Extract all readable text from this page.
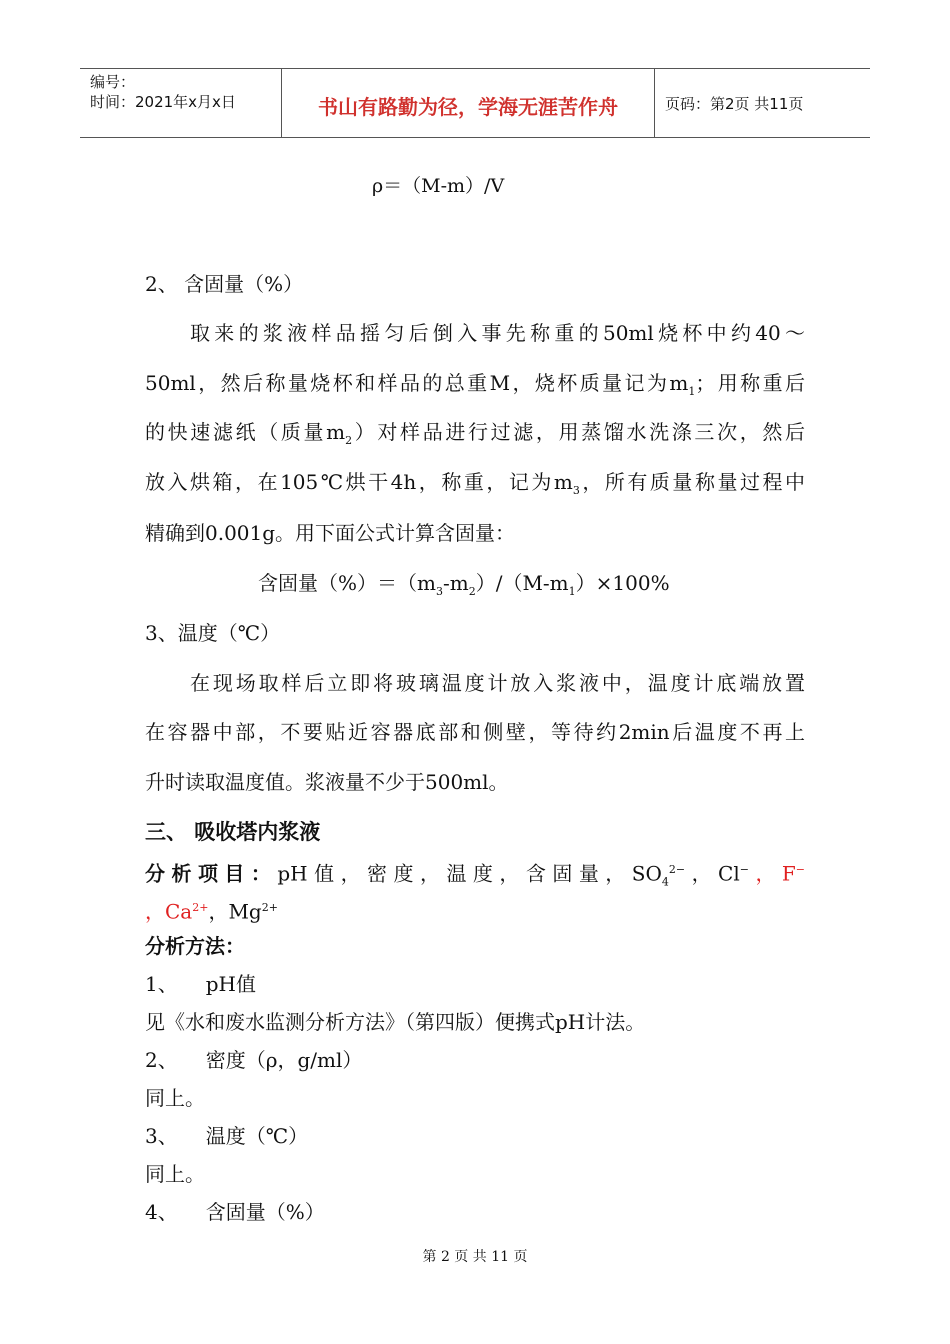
编号：
时间：2021年x月x日	书山有路勤为径，学海无涯苦作舟	页码：第2页 共11页
ρ＝（M-m）/V
2、 含固量（%）
取来的浆液样品摇匀后倒入事先称重的50ml烧杯中约40～
50ml，然后称量烧杯和样品的总重M，烧杯质量记为$m_1$；用称重后
的快速滤纸（质量$m_2$）对样品进行过滤，用蒸馏水洗涤三次，然后
放入烘箱，在105℃烘干4h，称重，记为$m_3$，所有质量称量过程中
精确到0.001g。用下面公式计算含固量：
含固量$(\%)=(m_3-m_2)/(M-m_1)\times 100\%$
3、温度（℃）
在现场取样后立即将玻璃温度计放入浆液中，温度计底端放置
在容器中部，不要贴近容器底部和侧壁，等待约2min后温度不再上
升时读取温度值。浆液量不少于500ml。
三、 吸收塔内浆液
分析项目：pH值，密度，温度，含固量，$SO_4^{2-}$，Cl−，F−
，$Ca^{2+}$，$Mg^{2+}$
分析方法：
1、 pH值
见《水和废水监测分析方法》（第四版）便携式pH计法。
2、 密度（ρ，g/ml）
同上。
3、 温度（℃）
同上。
4、 含固量（%）
第 2 页 共 11 页
